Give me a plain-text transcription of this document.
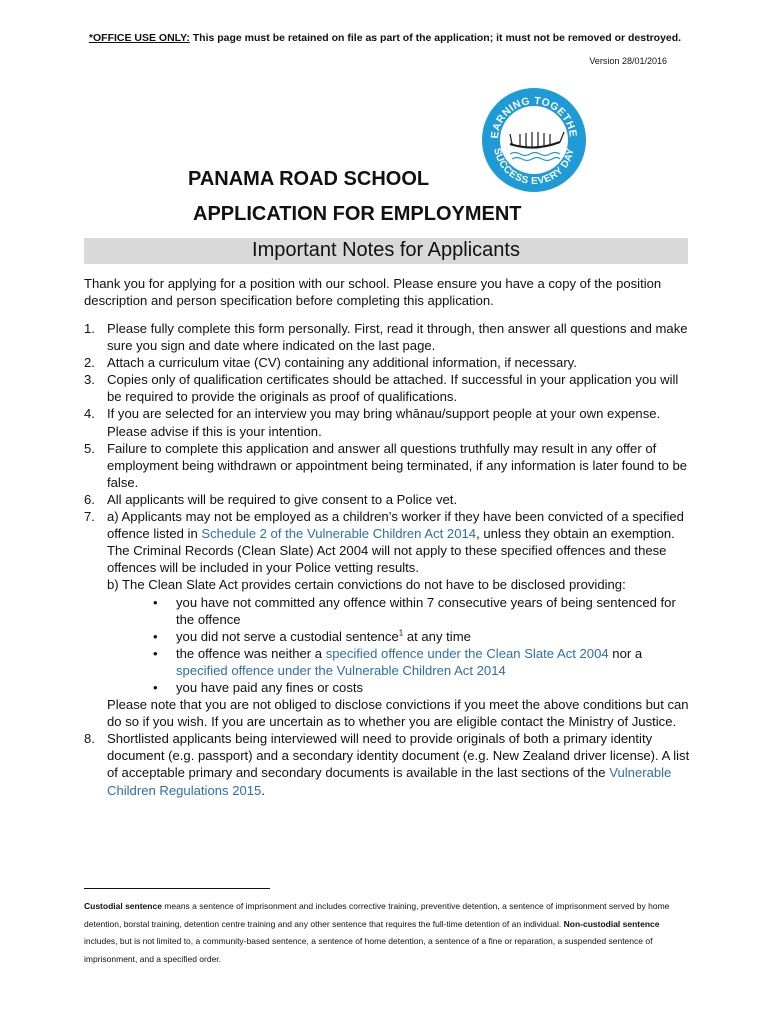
*OFFICE USE ONLY: This page must be retained on file as part of the application; it must not be removed or destroyed.
Version 28/01/2016
EARNING TOGETHE
SUCCESS EVERY DAY
PANAMA ROAD SCHOOL
APPLICATION FOR EMPLOYMENT
Important Notes for Applicants
Thank you for applying for a position with our school. Please ensure you have a copy of the position description and person specification before completing this application.
1. Please fully complete this form personally. First, read it through, then answer all questions and make sure you sign and date where indicated on the last page.
2. Attach a curriculum vitae (CV) containing any additional information, if necessary.
3. Copies only of qualification certificates should be attached. If successful in your application you will be required to provide the originals as proof of qualifications.
4. If you are selected for an interview you may bring whānau/support people at your own expense. Please advise if this is your intention.
5. Failure to complete this application and answer all questions truthfully may result in any offer of employment being withdrawn or appointment being terminated, if any information is later found to be false.
6. All applicants will be required to give consent to a Police vet.
7. a) Applicants may not be employed as a children’s worker if they have been convicted of a specified offence listed in Schedule 2 of the Vulnerable Children Act 2014, unless they obtain an exemption. The Criminal Records (Clean Slate) Act 2004 will not apply to these specified offences and these offences will be included in your Police vetting results.
b) The Clean Slate Act provides certain convictions do not have to be disclosed providing:
• you have not committed any offence within 7 consecutive years of being sentenced for the offence
• you did not serve a custodial sentence$^1$ at any time
• the offence was neither a specified offence under the Clean Slate Act 2004 nor a specified offence under the Vulnerable Children Act 2014
• you have paid any fines or costs
Please note that you are not obliged to disclose convictions if you meet the above conditions but can do so if you wish. If you are uncertain as to whether you are eligible contact the Ministry of Justice.
8. Shortlisted applicants being interviewed will need to provide originals of both a primary identity document (e.g. passport) and a secondary identity document (e.g. New Zealand driver license). A list of acceptable primary and secondary documents is available in the last sections of the Vulnerable Children Regulations 2015.
Custodial sentence means a sentence of imprisonment and includes corrective training, preventive detention, a sentence of imprisonment served by home detention, borstal training, detention centre training and any other sentence that requires the full-time detention of an individual. Non-custodial sentence includes, but is not limited to, a community-based sentence, a sentence of home detention, a sentence of a fine or reparation, a suspended sentence of imprisonment, and a specified order.
